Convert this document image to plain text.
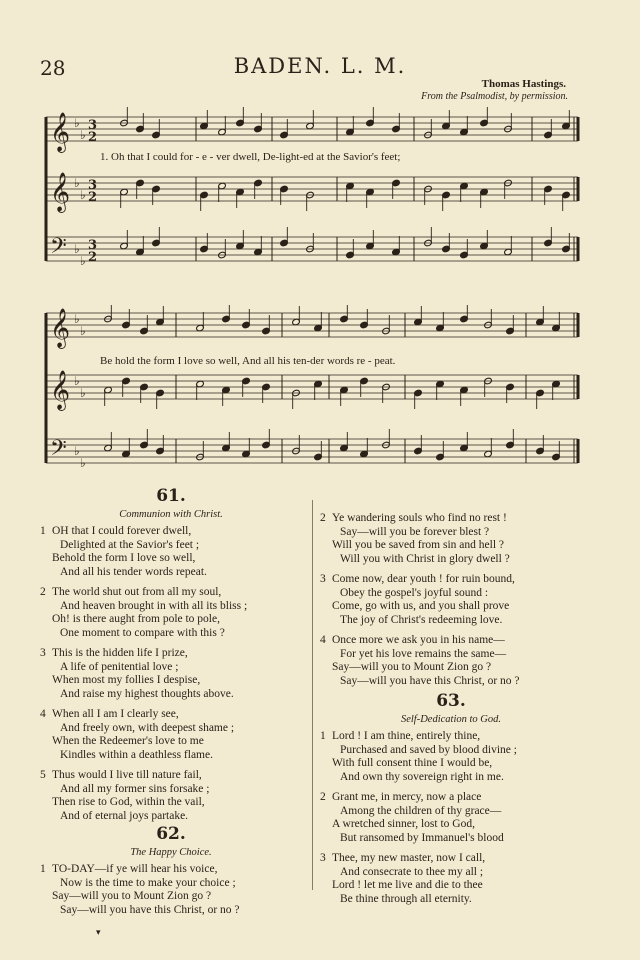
28	BADEN. L. M.
Thomas Hastings.
From the Psalmodist, by permission.
𝄞 ♭
♭
3
2
𝄞 ♭
♭
3
2
𝄢 ♭
♭
3
2
1. Oh that I could for - e - ver dwell, De-light-ed at the Savior's feet;
𝄞 ♭
♭
𝄞 ♭
♭
𝄢 ♭
♭
Be hold the form I love so well, And all his ten-der words re - peat.
61.
Communion with Christ.
1 OH that I could forever dwell,
Delighted at the Savior's feet ;
Behold the form I love so well,
And all his tender words repeat.
2 The world shut out from all my soul,
And heaven brought in with all its bliss ;
Oh! is there aught from pole to pole,
One moment to compare with this ?
3 This is the hidden life I prize,
A life of penitential love ;
When most my follies I despise,
And raise my highest thoughts above.
4 When all I am I clearly see,
And freely own, with deepest shame ;
When the Redeemer's love to me
Kindles within a deathless flame.
5 Thus would I live till nature fail,
And all my former sins forsake ;
Then rise to God, within the vail,
And of eternal joys partake.
62.
The Happy Choice.
1 TO-DAY—if ye will hear his voice,
Now is the time to make your choice ;
Say—will you to Mount Zion go ?
Say—will you have this Christ, or no ?
2 Ye wandering souls who find no rest !
Say—will you be forever blest ?
Will you be saved from sin and hell ?
Will you with Christ in glory dwell ?
3 Come now, dear youth ! for ruin bound,
Obey the gospel's joyful sound :
Come, go with us, and you shall prove
The joy of Christ's redeeming love.
4 Once more we ask you in his name—
For yet his love remains the same—
Say—will you to Mount Zion go ?
Say—will you have this Christ, or no ?
63.
Self-Dedication to God.
1 Lord ! I am thine, entirely thine,
Purchased and saved by blood divine ;
With full consent thine I would be,
And own thy sovereign right in me.
2 Grant me, in mercy, now a place
Among the children of thy grace—
A wretched sinner, lost to God,
But ransomed by Immanuel's blood
3 Thee, my new master, now I call,
And consecrate to thee my all ;
Lord ! let me live and die to thee
Be thine through all eternity.
▾
